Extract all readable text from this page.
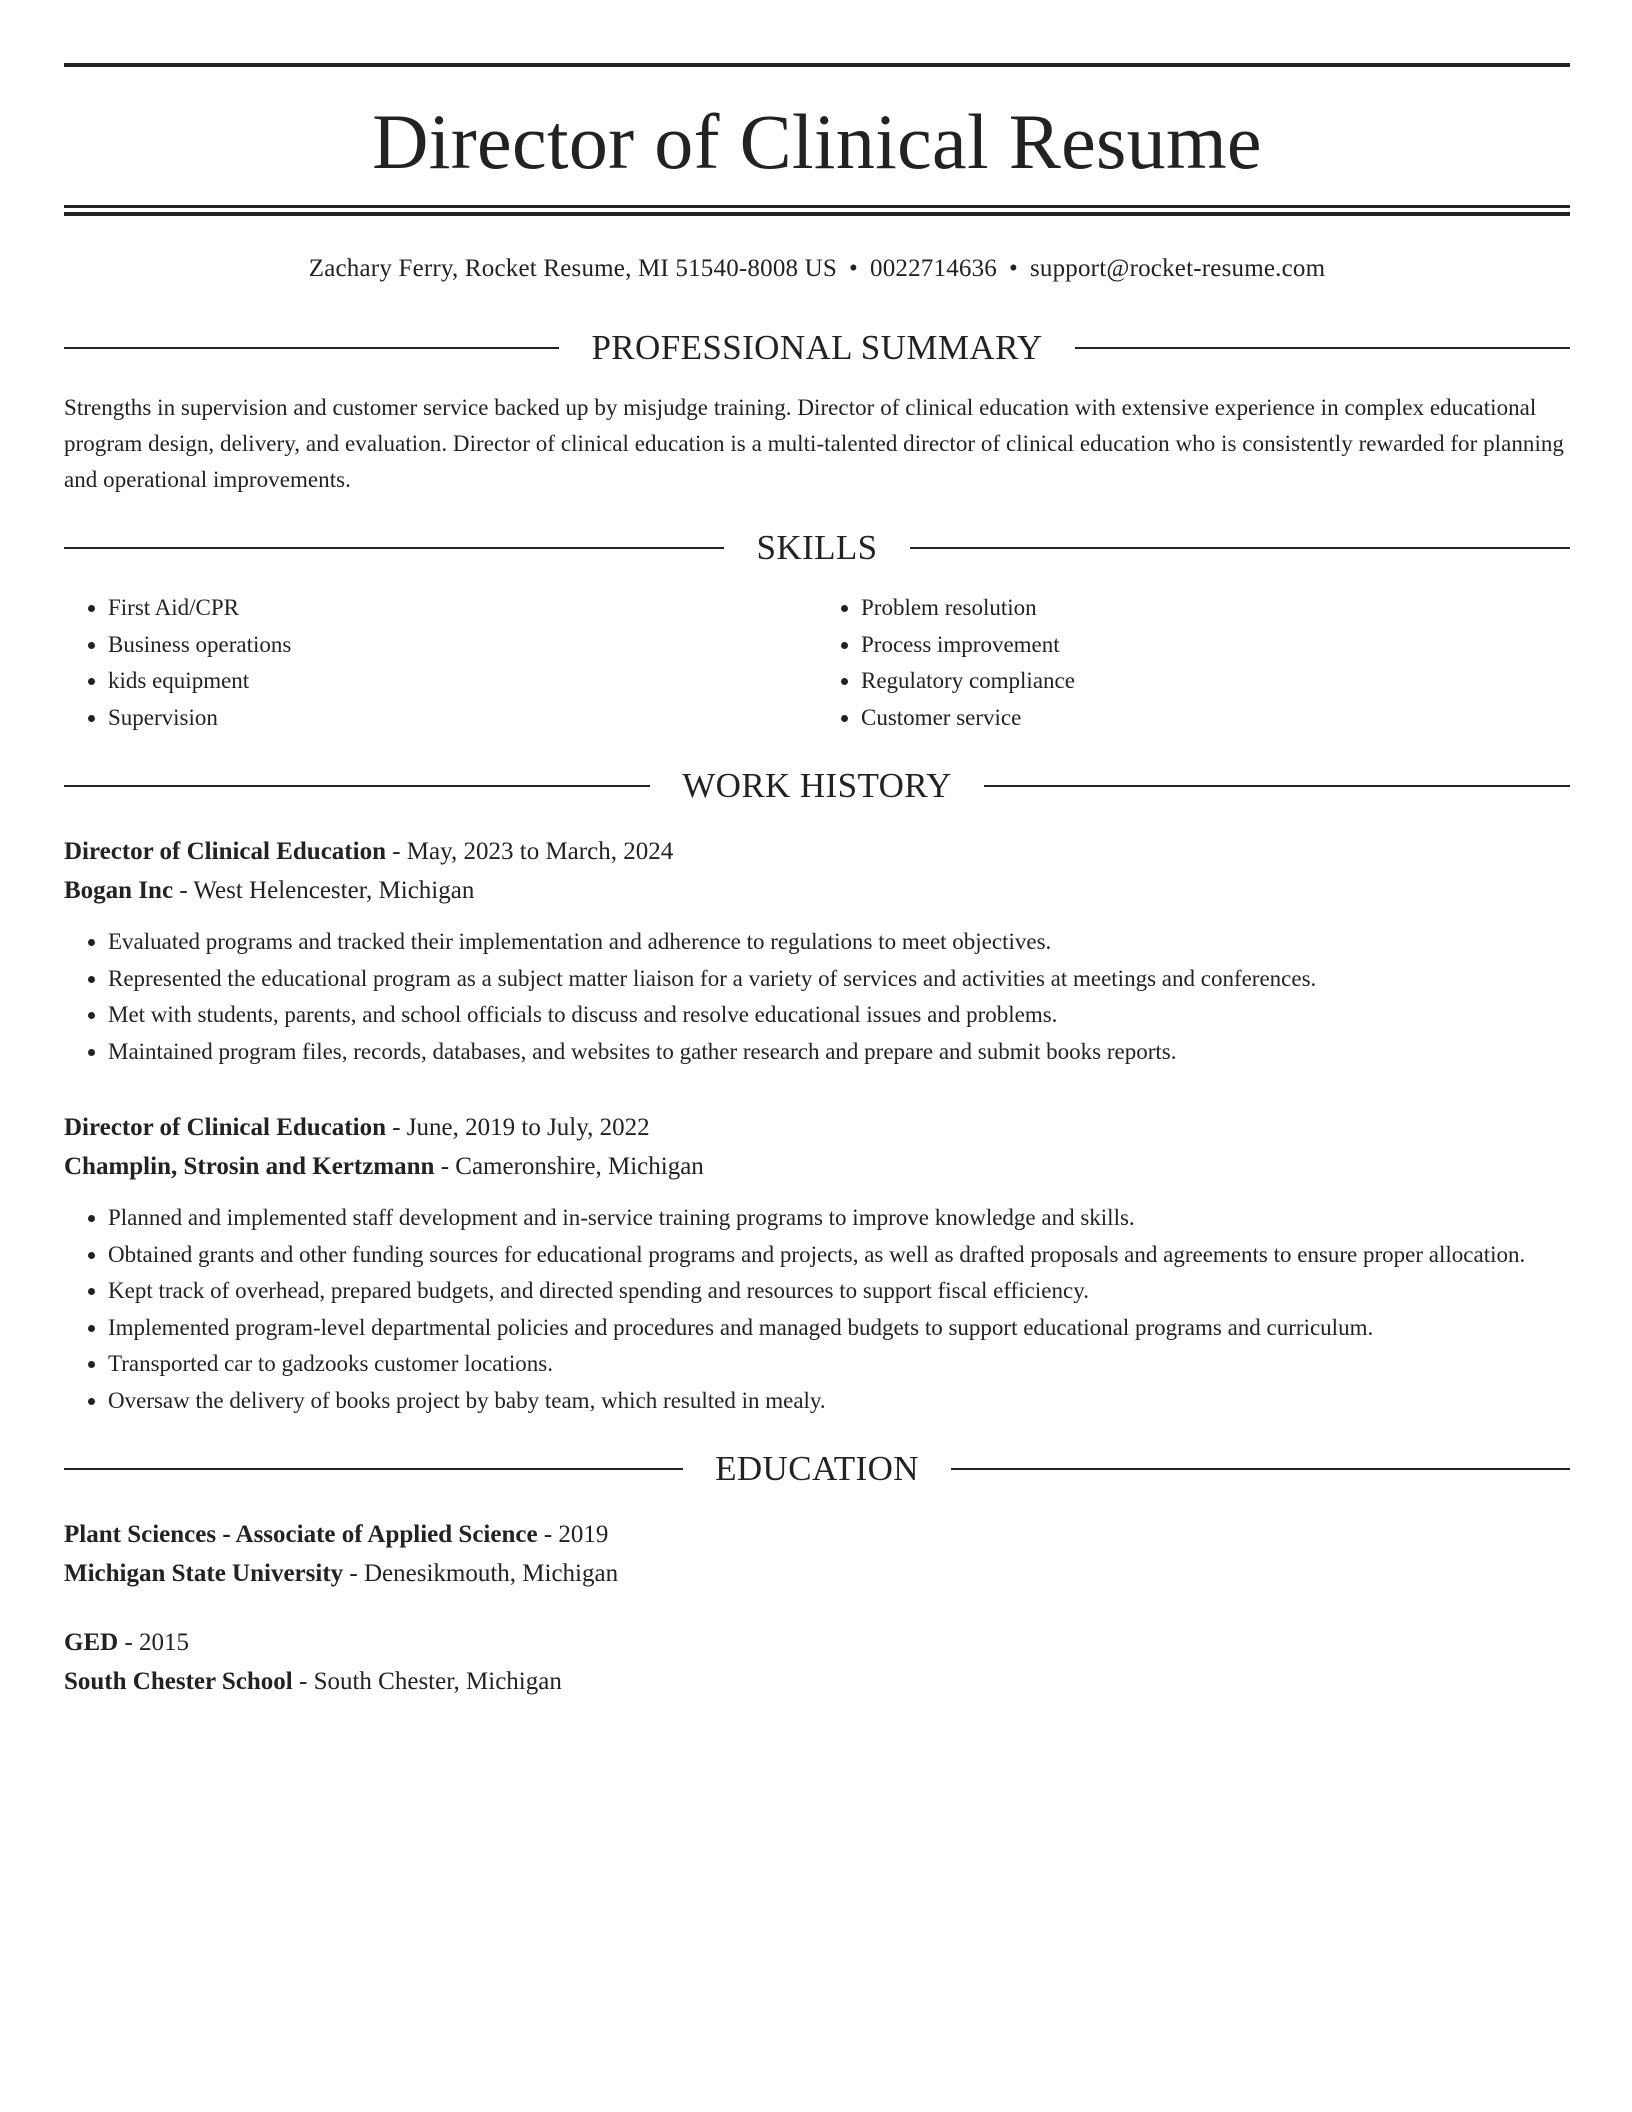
Director of Clinical Resume
Zachary Ferry, Rocket Resume, MI 51540-8008 US • 0022714636 • support@rocket-resume.com
PROFESSIONAL SUMMARY
Strengths in supervision and customer service backed up by misjudge training. Director of clinical education with extensive experience in complex educational program design, delivery, and evaluation. Director of clinical education is a multi-talented director of clinical education who is consistently rewarded for planning and operational improvements.
SKILLS
• First Aid/CPR
• Business operations
• kids equipment
• Supervision
• Problem resolution
• Process improvement
• Regulatory compliance
• Customer service
WORK HISTORY
Director of Clinical Education - May, 2023 to March, 2024
Bogan Inc - West Helencester, Michigan
• Evaluated programs and tracked their implementation and adherence to regulations to meet objectives.
• Represented the educational program as a subject matter liaison for a variety of services and activities at meetings and conferences.
• Met with students, parents, and school officials to discuss and resolve educational issues and problems.
• Maintained program files, records, databases, and websites to gather research and prepare and submit books reports.
Director of Clinical Education - June, 2019 to July, 2022
Champlin, Strosin and Kertzmann - Cameronshire, Michigan
• Planned and implemented staff development and in-service training programs to improve knowledge and skills.
• Obtained grants and other funding sources for educational programs and projects, as well as drafted proposals and agreements to ensure proper allocation.
• Kept track of overhead, prepared budgets, and directed spending and resources to support fiscal efficiency.
• Implemented program-level departmental policies and procedures and managed budgets to support educational programs and curriculum.
• Transported car to gadzooks customer locations.
• Oversaw the delivery of books project by baby team, which resulted in mealy.
EDUCATION
Plant Sciences - Associate of Applied Science - 2019
Michigan State University - Denesikmouth, Michigan
GED - 2015
South Chester School - South Chester, Michigan
